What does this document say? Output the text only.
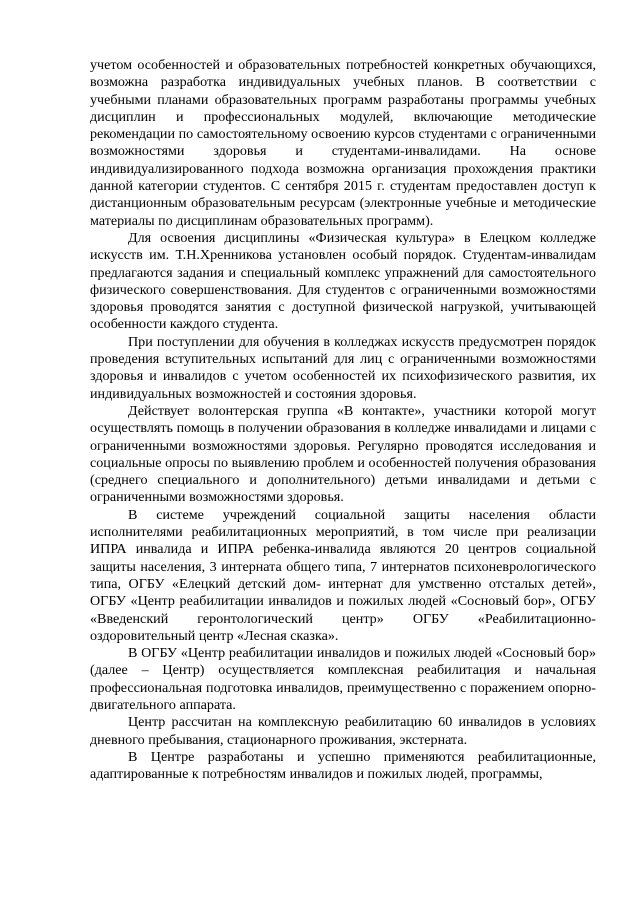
учетом особенностей и образовательных потребностей конкретных обучающихся, возможна разработка индивидуальных учебных планов. В соответствии с учебными планами образовательных программ разработаны программы учебных дисциплин и профессиональных модулей, включающие методические рекомендации по самостоятельному освоению курсов студентами с ограниченными возможностями здоровья и студентами-инвалидами. На основе индивидуализированного подхода возможна организация прохождения практики данной категории студентов. С сентября 2015 г. студентам предоставлен доступ к дистанционным образовательным ресурсам (электронные учебные и методические материалы по дисциплинам образовательных программ).

Для освоения дисциплины «Физическая культура» в Елецком колледже искусств им. Т.Н.Хренникова установлен особый порядок. Студентам-инвалидам предлагаются задания и специальный комплекс упражнений для самостоятельного физического совершенствования. Для студентов с ограниченными возможностями здоровья проводятся занятия с доступной физической нагрузкой, учитывающей особенности каждого студента.

При поступлении для обучения в колледжах искусств предусмотрен порядок проведения вступительных испытаний для лиц с ограниченными возможностями здоровья и инвалидов с учетом особенностей их психофизического развития, их индивидуальных возможностей и состояния здоровья.

Действует волонтерская группа «В контакте», участники которой могут осуществлять помощь в получении образования в колледже инвалидами и лицами с ограниченными возможностями здоровья. Регулярно проводятся исследования и социальные опросы по выявлению проблем и особенностей получения образования (среднего специального и дополнительного) детьми инвалидами и детьми с ограниченными возможностями здоровья.

В системе учреждений социальной защиты населения области исполнителями реабилитационных мероприятий, в том числе при реализации ИПРА инвалида и ИПРА ребенка-инвалида являются 20 центров социальной защиты населения, 3 интерната общего типа, 7 интернатов психоневрологического типа, ОГБУ «Елецкий детский дом- интернат для умственно отсталых детей», ОГБУ «Центр реабилитации инвалидов и пожилых людей «Сосновый бор», ОГБУ «Введенский геронтологический центр» ОГБУ «Реабилитационно-оздоровительный центр «Лесная сказка».

В ОГБУ «Центр реабилитации инвалидов и пожилых людей «Сосновый бор» (далее – Центр) осуществляется комплексная реабилитация и начальная профессиональная подготовка инвалидов, преимущественно с поражением опорно-двигательного аппарата.

Центр рассчитан на комплексную реабилитацию 60 инвалидов в условиях дневного пребывания, стационарного проживания, экстерната.

В Центре разработаны и успешно применяются реабилитационные, адаптированные к потребностям инвалидов и пожилых людей, программы,
